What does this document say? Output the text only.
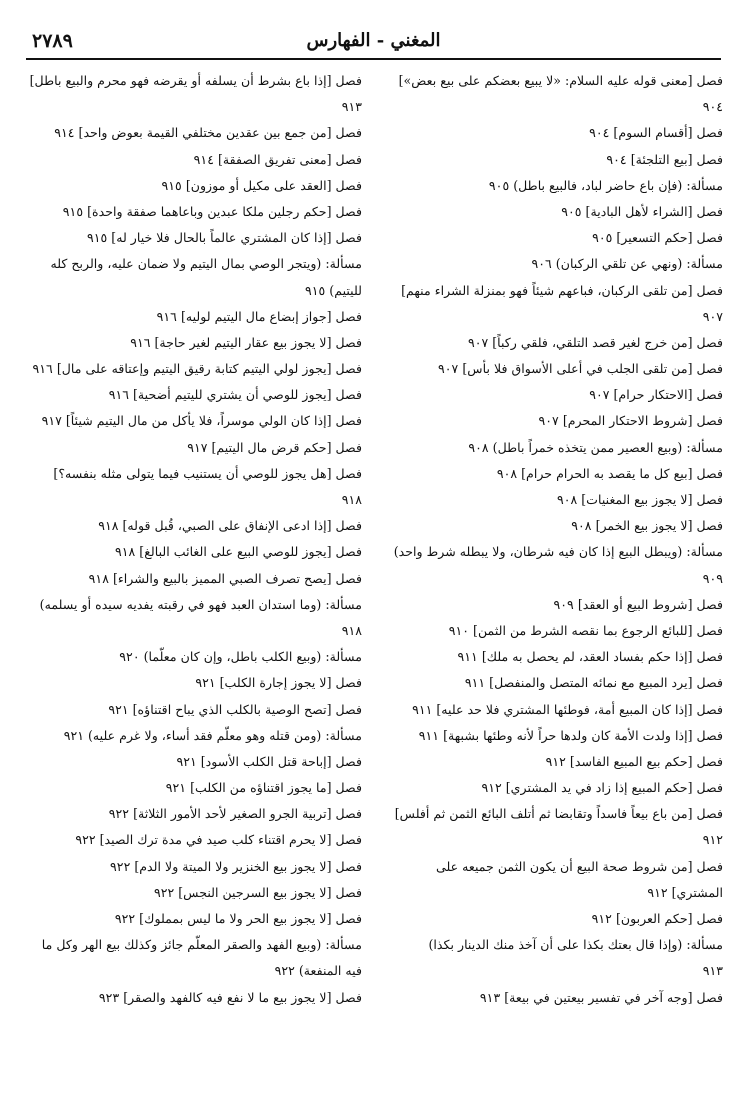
المغني - الفهارس
٢٧٨٩
فصل [معنى قوله عليه السلام: «لا يبيع بعضكم على بيع بعض»]
٩٠٤
فصل [أقسام السوم] ٩٠٤
فصل [بيع التلجئة] ٩٠٤
مسألة: (فإن باع حاضر لباد، فالبيع باطل) ٩٠٥
فصل [الشراء لأهل البادية] ٩٠٥
فصل [حكم التسعير] ٩٠٥
مسألة: (ونهي عن تلقي الركبان) ٩٠٦
فصل [من تلقى الركبان، فباعهم شيئاً فهو بمنزلة الشراء منهم]
٩٠٧
فصل [من خرج لغير قصد التلقي، فلقي ركباً] ٩٠٧
فصل [من تلقى الجلب في أعلى الأسواق فلا بأس] ٩٠٧
فصل [الاحتكار حرام] ٩٠٧
فصل [شروط الاحتكار المحرم] ٩٠٧
مسألة: (وبيع العصير ممن يتخذه خمراً باطل) ٩٠٨
فصل [بيع كل ما يقصد به الحرام حرام] ٩٠٨
فصل [لا يجوز بيع المغنيات] ٩٠٨
فصل [لا يجوز بيع الخمر] ٩٠٨
مسألة: (ويبطل البيع إذا كان فيه شرطان، ولا يبطله شرط واحد)
٩٠٩
فصل [شروط البيع أو العقد] ٩٠٩
فصل [للبائع الرجوع بما نقصه الشرط من الثمن] ٩١٠
فصل [إذا حكم بفساد العقد، لم يحصل به ملك] ٩١١
فصل [يرد المبيع مع نمائه المتصل والمنفصل] ٩١١
فصل [إذا كان المبيع أمة، فوطئها المشتري فلا حد عليه] ٩١١
فصل [إذا ولدت الأمة كان ولدها حراً لأنه وطئها بشبهة] ٩١١
فصل [حكم بيع المبيع الفاسد] ٩١٢
فصل [حكم المبيع إذا زاد في يد المشتري] ٩١٢
فصل [من باع بيعاً فاسداً وتقابضا ثم أتلف البائع الثمن ثم أفلس]
٩١٢
فصل [من شروط صحة البيع أن يكون الثمن جميعه على
المشتري] ٩١٢
فصل [حكم العربون] ٩١٢
مسألة: (وإذا قال بعتك بكذا على أن آخذ منك الدينار بكذا)
٩١٣
فصل [وجه آخر في تفسير بيعتين في بيعة] ٩١٣
فصل [إذا باع بشرط أن يسلفه أو يقرضه فهو محرم والبيع باطل]
٩١٣
فصل [من جمع بين عقدين مختلفي القيمة بعوض واحد] ٩١٤
فصل [معنى تفريق الصفقة] ٩١٤
فصل [العقد على مكيل أو موزون] ٩١٥
فصل [حكم رجلين ملكا عبدين وباعاهما صفقة واحدة] ٩١٥
فصل [إذا كان المشتري عالماً بالحال فلا خيار له] ٩١٥
مسألة: (ويتجر الوصي بمال اليتيم ولا ضمان عليه، والربح كله
لليتيم) ٩١٥
فصل [جواز إبضاع مال اليتيم لوليه] ٩١٦
فصل [لا يجوز بيع عقار اليتيم لغير حاجة] ٩١٦
فصل [يجوز لولي اليتيم كتابة رقيق اليتيم وإعتاقه على مال] ٩١٦
فصل [يجوز للوصي أن يشتري لليتيم أضحية] ٩١٦
فصل [إذا كان الولي موسراً، فلا يأكل من مال اليتيم شيئاً] ٩١٧
فصل [حكم قرض مال اليتيم] ٩١٧
فصل [هل يجوز للوصي أن يستنيب فيما يتولى مثله بنفسه؟]
٩١٨
فصل [إذا ادعى الإنفاق على الصبي، قُبل قوله] ٩١٨
فصل [يجوز للوصي البيع على الغائب البالغ] ٩١٨
فصل [يصح تصرف الصبي المميز بالبيع والشراء] ٩١٨
مسألة: (وما استدان العبد فهو في رقبته يفديه سيده أو يسلمه)
٩١٨
مسألة: (وبيع الكلب باطل، وإن كان معلّما) ٩٢٠
فصل [لا يجوز إجارة الكلب] ٩٢١
فصل [تصح الوصية بالكلب الذي يباح اقتناؤه] ٩٢١
مسألة: (ومن قتله وهو معلّم فقد أساء، ولا غرم عليه) ٩٢١
فصل [إباحة قتل الكلب الأسود] ٩٢١
فصل [ما يجوز اقتناؤه من الكلب] ٩٢١
فصل [تربية الجرو الصغير لأحد الأمور الثلاثة] ٩٢٢
فصل [لا يحرم اقتناء كلب صيد في مدة ترك الصيد] ٩٢٢
فصل [لا يجوز بيع الخنزير ولا الميتة ولا الدم] ٩٢٢
فصل [لا يجوز بيع السرجين النجس] ٩٢٢
فصل [لا يجوز بيع الحر ولا ما ليس بمملوك] ٩٢٢
مسألة: (وبيع الفهد والصقر المعلّم جائز وكذلك بيع الهر وكل ما
فيه المنفعة) ٩٢٢
فصل [لا يجوز بيع ما لا نفع فيه كالفهد والصقر] ٩٢٣
